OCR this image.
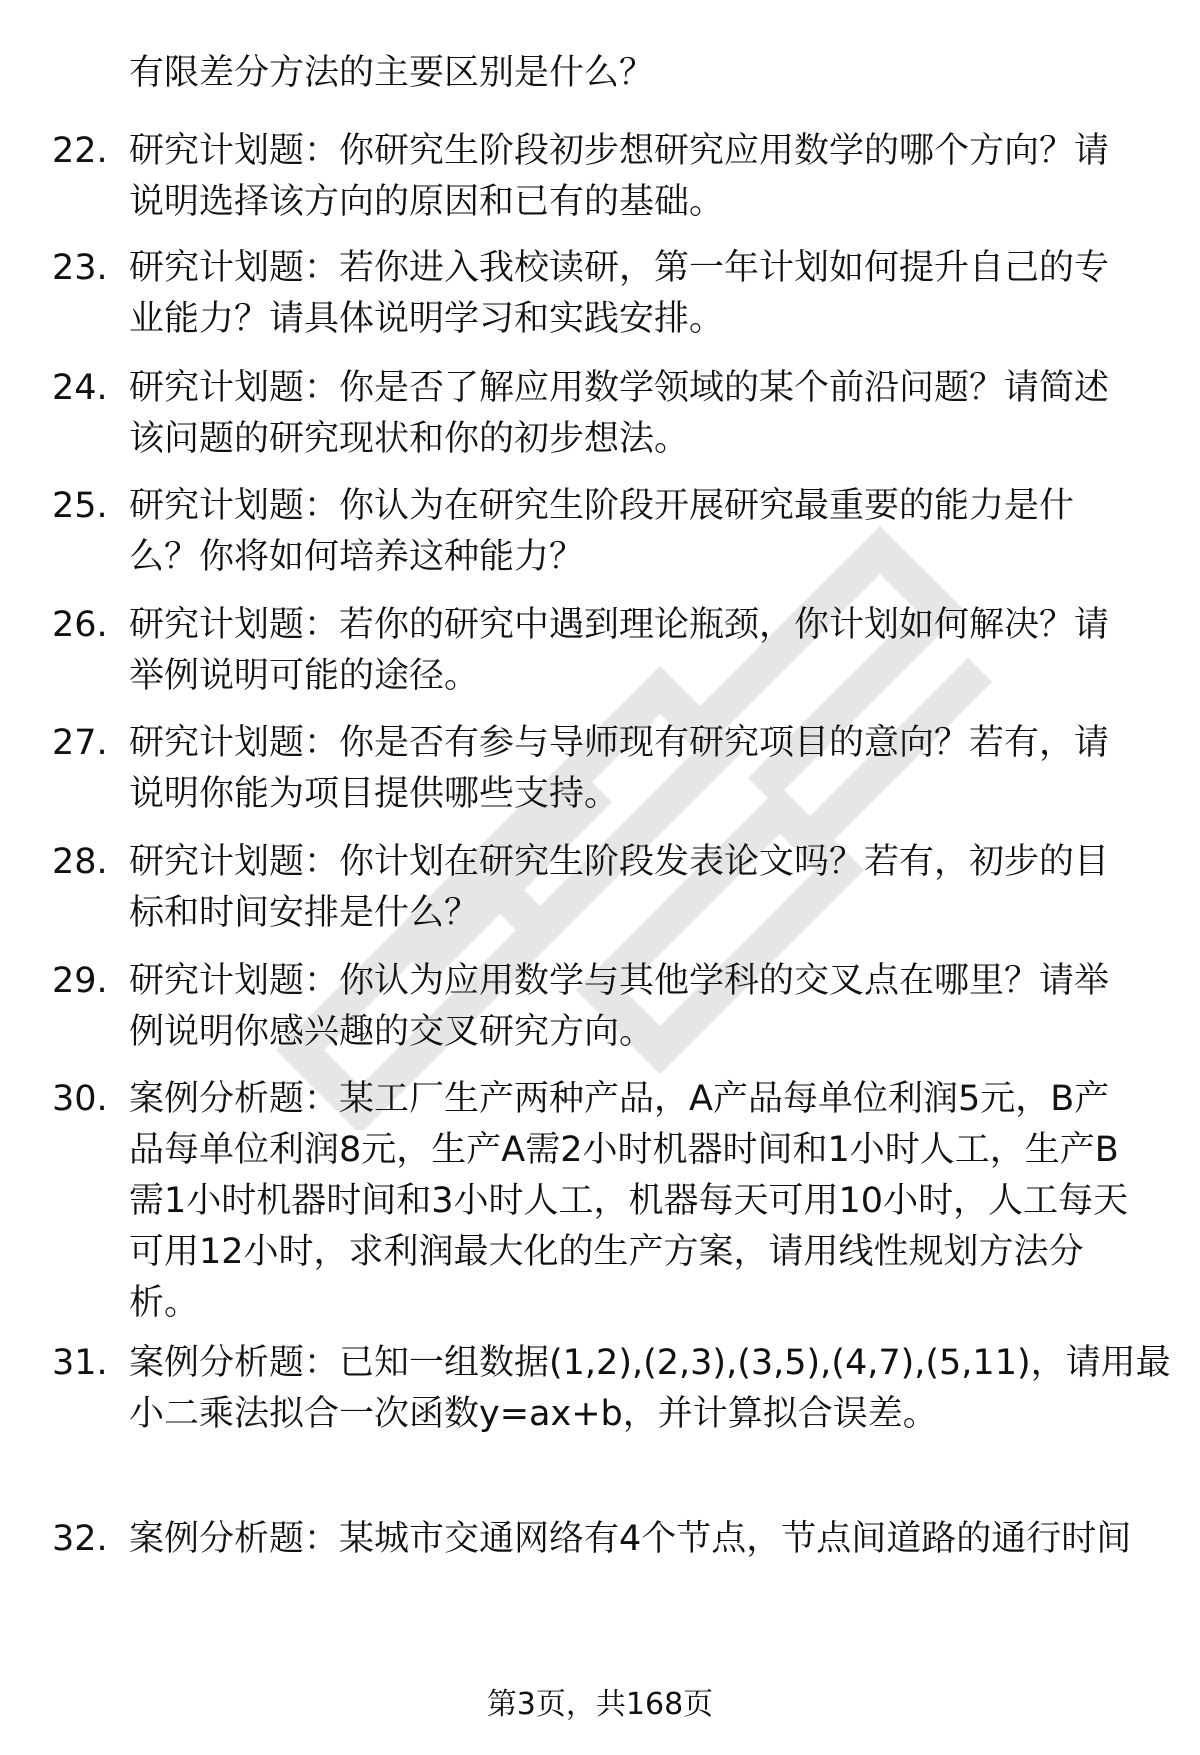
有限差分方法的主要区别是什么？
22. 研究计划题：你研究生阶段初步想研究应用数学的哪个方向？请
说明选择该方向的原因和已有的基础。
23. 研究计划题：若你进入我校读研，第一年计划如何提升自己的专
业能力？请具体说明学习和实践安排。
24. 研究计划题：你是否了解应用数学领域的某个前沿问题？请简述
该问题的研究现状和你的初步想法。
25. 研究计划题：你认为在研究生阶段开展研究最重要的能力是什
么？你将如何培养这种能力？
26. 研究计划题：若你的研究中遇到理论瓶颈，你计划如何解决？请
举例说明可能的途径。
27. 研究计划题：你是否有参与导师现有研究项目的意向？若有，请
说明你能为项目提供哪些支持。
28. 研究计划题：你计划在研究生阶段发表论文吗？若有，初步的目
标和时间安排是什么？
29. 研究计划题：你认为应用数学与其他学科的交叉点在哪里？请举
例说明你感兴趣的交叉研究方向。
30. 案例分析题：某工厂生产两种产品，A产品每单位利润5元，B产
品每单位利润8元，生产A需2小时机器时间和1小时人工，生产B
需1小时机器时间和3小时人工，机器每天可用10小时，人工每天
可用12小时，求利润最大化的生产方案，请用线性规划方法分
析。
31. 案例分析题：已知一组数据(1,2),(2,3),(3,5),(4,7),(5,11)，请用最
小二乘法拟合一次函数y=ax+b，并计算拟合误差。
32. 案例分析题：某城市交通网络有4个节点，节点间道路的通行时间
第3页，共168页
